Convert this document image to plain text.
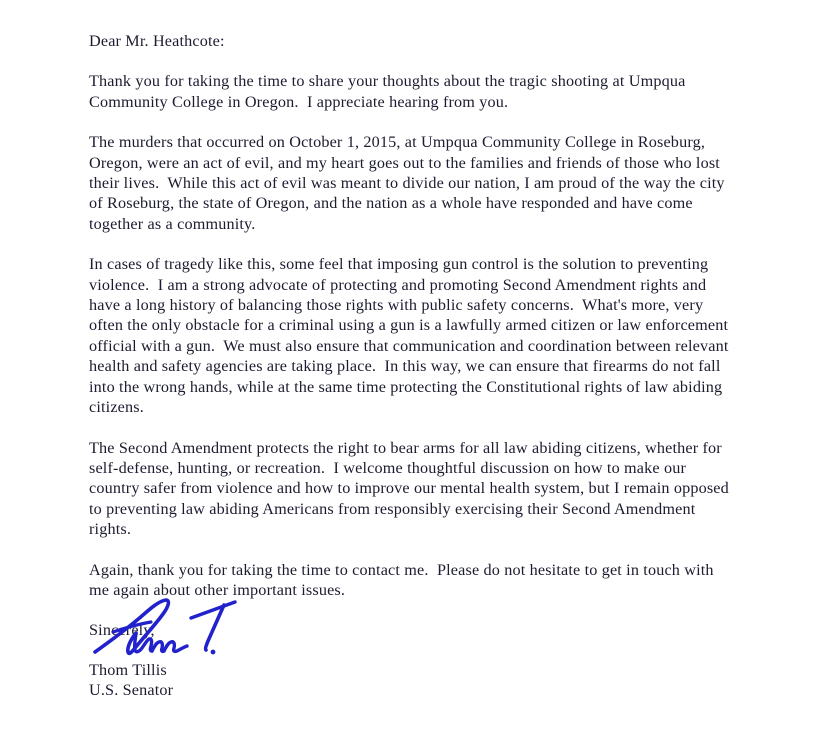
Dear Mr. Heathcote:

Thank you for taking the time to share your thoughts about the tragic shooting at Umpqua Community College in Oregon.  I appreciate hearing from you.

The murders that occurred on October 1, 2015, at Umpqua Community College in Roseburg, Oregon, were an act of evil, and my heart goes out to the families and friends of those who lost their lives.  While this act of evil was meant to divide our nation, I am proud of the way the city of Roseburg, the state of Oregon, and the nation as a whole have responded and have come together as a community.

In cases of tragedy like this, some feel that imposing gun control is the solution to preventing violence.  I am a strong advocate of protecting and promoting Second Amendment rights and have a long history of balancing those rights with public safety concerns.  What's more, very often the only obstacle for a criminal using a gun is a lawfully armed citizen or law enforcement official with a gun.  We must also ensure that communication and coordination between relevant health and safety agencies are taking place.  In this way, we can ensure that firearms do not fall into the wrong hands, while at the same time protecting the Constitutional rights of law abiding citizens.

The Second Amendment protects the right to bear arms for all law abiding citizens, whether for self-defense, hunting, or recreation.  I welcome thoughtful discussion on how to make our country safer from violence and how to improve our mental health system, but I remain opposed to preventing law abiding Americans from responsibly exercising their Second Amendment rights.

Again, thank you for taking the time to contact me.  Please do not hesitate to get in touch with me again about other important issues.

Sincerely,

Thom Tillis

U.S. Senator
